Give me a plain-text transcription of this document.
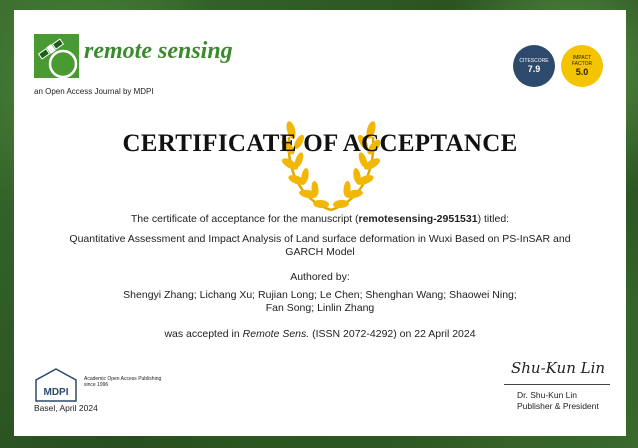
remote sensing
an Open Access Journal by MDPI
CITESCORE
7.9
IMPACT
FACTOR
5.0
CERTIFICATE OF ACCEPTANCE
The certificate of acceptance for the manuscript (remotesensing-2951531) titled:
Quantitative Assessment and Impact Analysis of Land surface deformation in Wuxi Based on PS-InSAR and
GARCH Model
Authored by:
Shengyi Zhang; Lichang Xu; Rujian Long; Le Chen; Shenghan Wang; Shaowei Ning;
Fan Song; Linlin Zhang
was accepted in Remote Sens. (ISSN 2072-4292) on 22 April 2024
MDPI
Academic Open Access Publishing
since 1996
Basel, April 2024
Shu-Kun Lin
Dr. Shu-Kun Lin
Publisher & President
